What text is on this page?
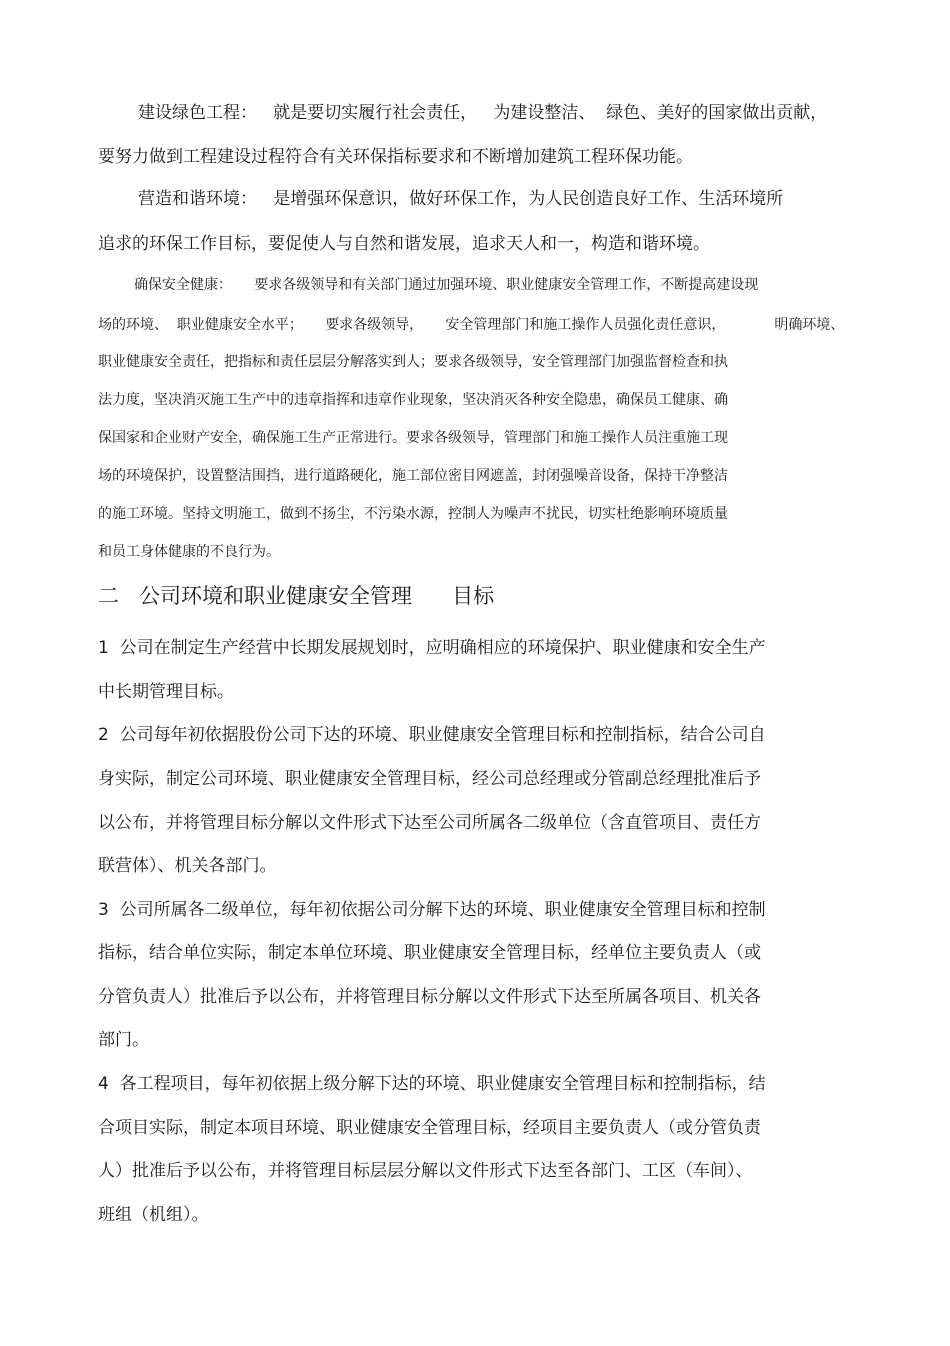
建设绿色工程：   就是要切实履行社会责任，   为建设整洁、  绿色、美好的国家做出贡献，

要努力做到工程建设过程符合有关环保指标要求和不断增加建筑工程环保功能。

营造和谐环境：   是增强环保意识，做好环保工作，为人民创造良好工作、生活环境所

追求的环保工作目标，要促使人与自然和谐发展，追求天人和一，构造和谐环境。

确保安全健康：     要求各级领导和有关部门通过加强环境、职业健康安全管理工作，不断提高建设现

场的环境、  职业健康安全水平；     要求各级领导，     安全管理部门和施工操作人员强化责任意识，           明确环境、

职业健康安全责任，把指标和责任层层分解落实到人；要求各级领导，安全管理部门加强监督检查和执

法力度，坚决消灭施工生产中的违章指挥和违章作业现象，坚决消灭各种安全隐患，确保员工健康、确

保国家和企业财产安全，确保施工生产正常进行。要求各级领导，管理部门和施工操作人员注重施工现

场的环境保护，设置整洁围挡，进行道路硬化，施工部位密目网遮盖，封闭强噪音设备，保持干净整洁

的施工环境。坚持文明施工，做到不扬尘，不污染水源，控制人为噪声不扰民，切实杜绝影响环境质量

和员工身体健康的不良行为。

二   公司环境和职业健康安全管理      目标

1  公司在制定生产经营中长期发展规划时，应明确相应的环境保护、职业健康和安全生产

中长期管理目标。

2  公司每年初依据股份公司下达的环境、职业健康安全管理目标和控制指标，结合公司自

身实际，制定公司环境、职业健康安全管理目标，经公司总经理或分管副总经理批准后予

以公布，并将管理目标分解以文件形式下达至公司所属各二级单位（含直管项目、责任方

联营体）、机关各部门。

3  公司所属各二级单位，每年初依据公司分解下达的环境、职业健康安全管理目标和控制

指标，结合单位实际，制定本单位环境、职业健康安全管理目标，经单位主要负责人（或

分管负责人）批准后予以公布，并将管理目标分解以文件形式下达至所属各项目、机关各

部门。

4  各工程项目，每年初依据上级分解下达的环境、职业健康安全管理目标和控制指标，结

合项目实际，制定本项目环境、职业健康安全管理目标，经项目主要负责人（或分管负责

人）批准后予以公布，并将管理目标层层分解以文件形式下达至各部门、工区（车间）、

班组（机组）。
